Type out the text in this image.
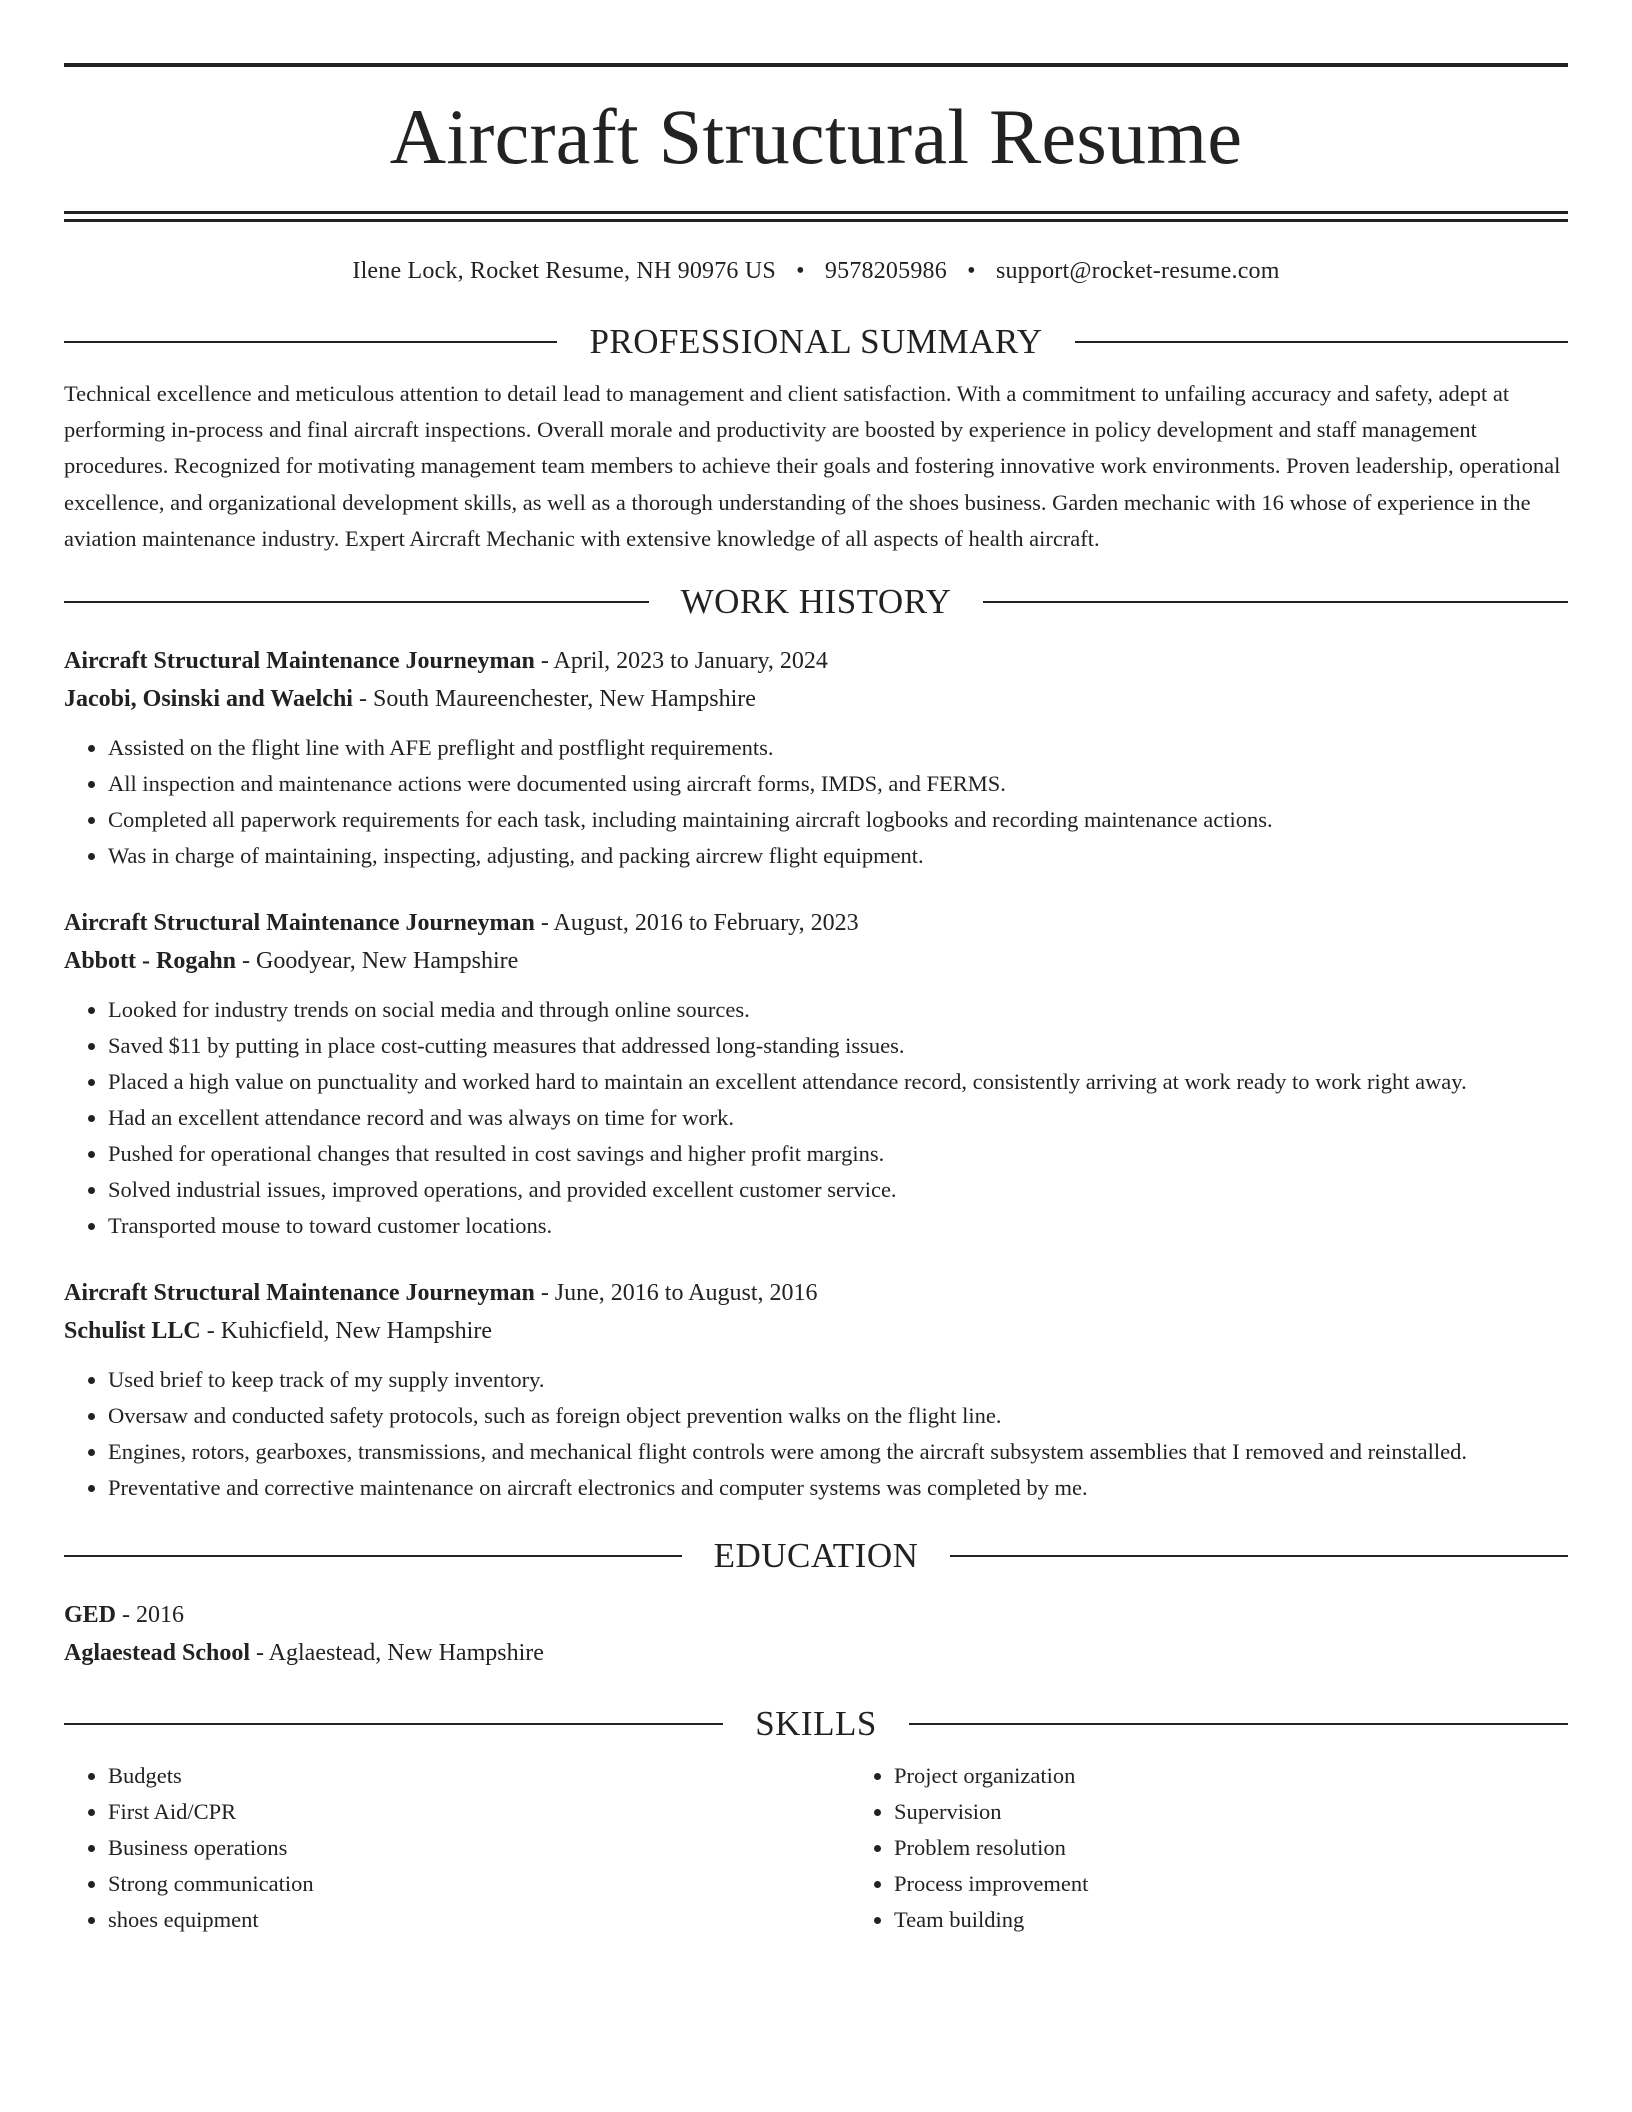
Aircraft Structural Resume
Ilene Lock, Rocket Resume, NH 90976 US • 9578205986 • support@rocket-resume.com
PROFESSIONAL SUMMARY

Technical excellence and meticulous attention to detail lead to management and client satisfaction. With a commitment to unfailing accuracy and safety, adept at performing in-process and final aircraft inspections. Overall morale and productivity are boosted by experience in policy development and staff management procedures. Recognized for motivating management team members to achieve their goals and fostering innovative work environments. Proven leadership, operational excellence, and organizational development skills, as well as a thorough understanding of the shoes business. Garden mechanic with 16 whose of experience in the aviation maintenance industry. Expert Aircraft Mechanic with extensive knowledge of all aspects of health aircraft.

WORK HISTORY
Aircraft Structural Maintenance Journeyman - April, 2023 to January, 2024
Jacobi, Osinski and Waelchi - South Maureenchester, New Hampshire
• Assisted on the flight line with AFE preflight and postflight requirements.
• All inspection and maintenance actions were documented using aircraft forms, IMDS, and FERMS.
• Completed all paperwork requirements for each task, including maintaining aircraft logbooks and recording maintenance actions.
• Was in charge of maintaining, inspecting, adjusting, and packing aircrew flight equipment.
Aircraft Structural Maintenance Journeyman - August, 2016 to February, 2023
Abbott - Rogahn - Goodyear, New Hampshire
• Looked for industry trends on social media and through online sources.
• Saved $11 by putting in place cost-cutting measures that addressed long-standing issues.
• Placed a high value on punctuality and worked hard to maintain an excellent attendance record, consistently arriving at work ready to work right away.
• Had an excellent attendance record and was always on time for work.
• Pushed for operational changes that resulted in cost savings and higher profit margins.
• Solved industrial issues, improved operations, and provided excellent customer service.
• Transported mouse to toward customer locations.
Aircraft Structural Maintenance Journeyman - June, 2016 to August, 2016
Schulist LLC - Kuhicfield, New Hampshire
• Used brief to keep track of my supply inventory.
• Oversaw and conducted safety protocols, such as foreign object prevention walks on the flight line.
• Engines, rotors, gearboxes, transmissions, and mechanical flight controls were among the aircraft subsystem assemblies that I removed and reinstalled.
• Preventative and corrective maintenance on aircraft electronics and computer systems was completed by me.
EDUCATION
GED - 2016
Aglaestead School - Aglaestead, New Hampshire
SKILLS
• Budgets
• First Aid/CPR
• Business operations
• Strong communication
• shoes equipment
• Project organization
• Supervision
• Problem resolution
• Process improvement
• Team building
